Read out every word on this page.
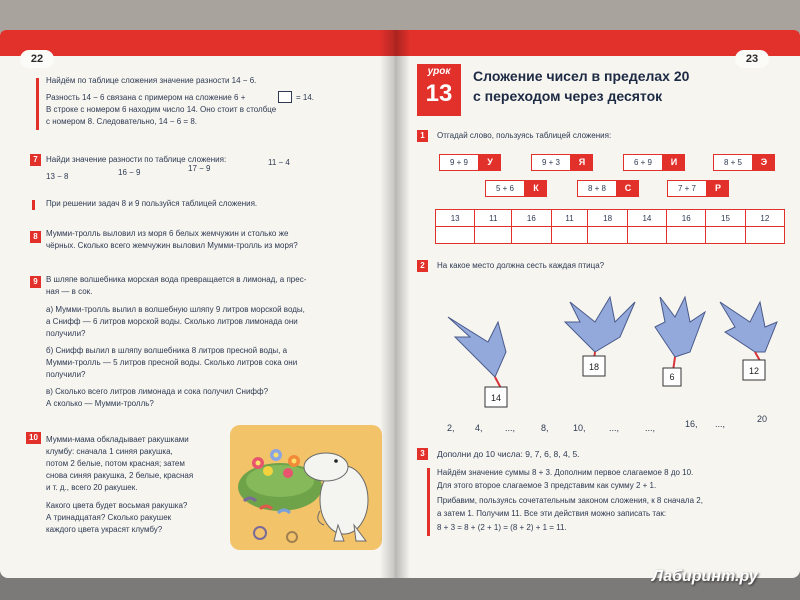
22
Найдём по таблице сложения значение разности 14 − 6.
Разность 14 − 6 связана с примером на сложение 6 +	= 14.
В строке с номером 6 находим число 14. Оно стоит в столбце
с номером 8. Следовательно, 14 − 6 = 8.
7	Найди значение разности по таблице сложения:
13 − 8	16 − 9	17 − 9
11 − 4
При решении задач 8 и 9 пользуйся таблицей сложения.
8	Мумми-тролль выловил из моря 6 белых жемчужин и столько же
чёрных. Сколько всего жемчужин выловил Мумми-тролль из моря?
9	В шляпе волшебника морская вода превращается в лимонад, а прес-
ная — в сок.
а) Мумми-тролль вылил в волшебную шляпу 9 литров морской воды,
а Снифф — 6 литров морской воды. Сколько литров лимонада они
получили?
б) Снифф вылил в шляпу волшебника 8 литров пресной воды, а
Мумми-тролль — 5 литров пресной воды. Сколько литров сока они
получили?
в) Сколько всего литров лимонада и сока получил Снифф?
А сколько — Мумми-тролль?
10	Мумми-мама обкладывает ракушками
клумбу: сначала 1 синяя ракушка,
потом 2 белые, потом красная; затем
снова синяя ракушка, 2 белые, красная
и т. д., всего 20 ракушек.
Какого цвета будет восьмая ракушка?
А тринадцатая? Сколько ракушек
каждого цвета украсят клумбу?
23
урок
13
Сложение чисел в пределах 20
с переходом через десяток
1	Отгадай слово, пользуясь таблицей сложения:
9 + 9	У	9 + 3	Я	6 + 9	И	8 + 5	Э
5 + 6	К	8 + 8	С	7 + 7	Р
13	11	16	11	18	14	16	15	12

2	На какое место должна сесть каждая птица?
14
18
6
12
2, 4, ...,	8,	10,	...,	...,	16, ...,	20
3	Дополни до 10 числа: 9, 7, 6, 8, 4, 5.
Найдём значение суммы 8 + 3. Дополним первое слагаемое 8 до 10.
Для этого второе слагаемое 3 представим как сумму 2 + 1.
Прибавим, пользуясь сочетательным законом сложения, к 8 сначала 2,
а затем 1. Получим 11. Все эти действия можно записать так:
8 + 3 = 8 + (2 + 1) = (8 + 2) + 1 = 11.
Лабиринт.ру
